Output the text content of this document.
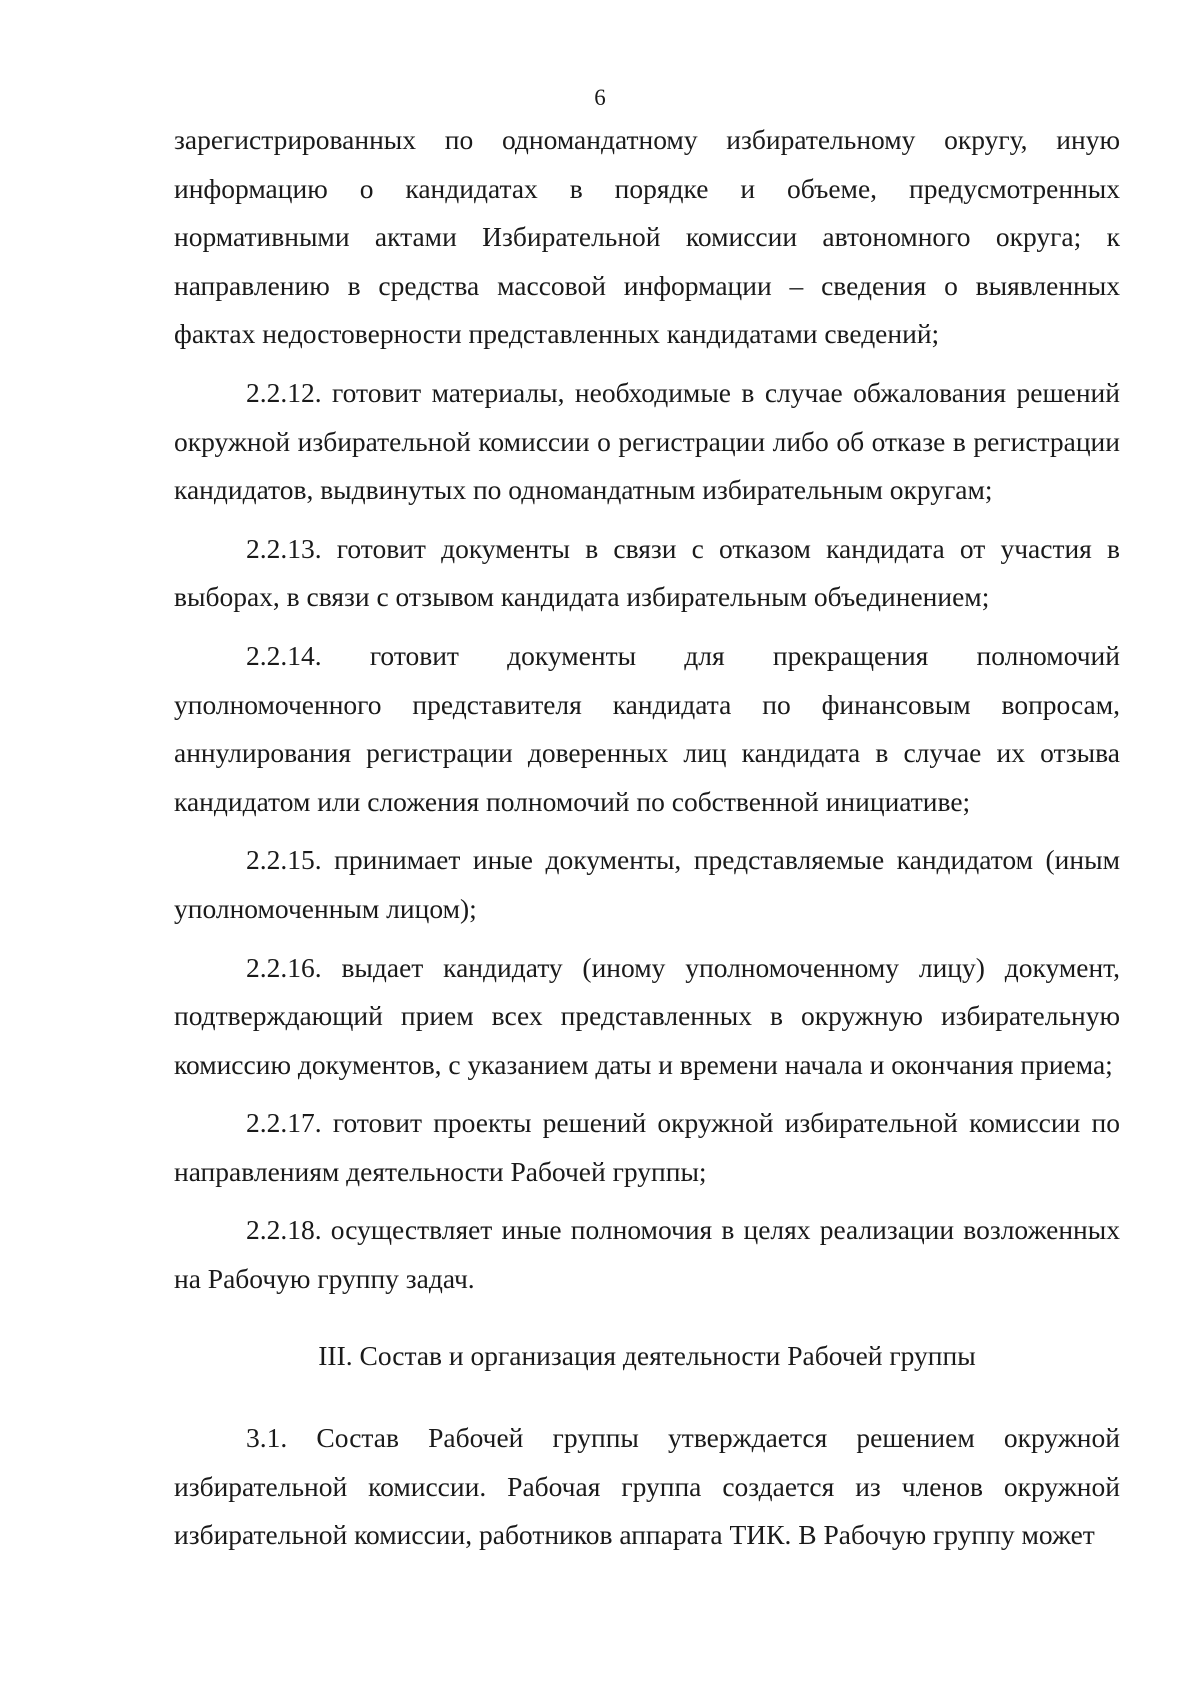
6

зарегистрированных по одномандатному избирательному округу, иную информацию о кандидатах в порядке и объеме, предусмотренных нормативными актами Избирательной комиссии автономного округа; к направлению в средства массовой информации – сведения о выявленных фактах недостоверности представленных кандидатами сведений;

2.2.12. готовит материалы, необходимые в случае обжалования решений окружной избирательной комиссии о регистрации либо об отказе в регистрации кандидатов, выдвинутых по одномандатным избирательным округам;

2.2.13. готовит документы в связи с отказом кандидата от участия в выборах, в связи с отзывом кандидата избирательным объединением;

2.2.14. готовит документы для прекращения полномочий уполномоченного представителя кандидата по финансовым вопросам, аннулирования регистрации доверенных лиц кандидата в случае их отзыва кандидатом или сложения полномочий по собственной инициативе;

2.2.15. принимает иные документы, представляемые кандидатом (иным уполномоченным лицом);

2.2.16. выдает кандидату (иному уполномоченному лицу) документ, подтверждающий прием всех представленных в окружную избирательную комиссию документов, с указанием даты и времени начала и окончания приема;

2.2.17. готовит проекты решений окружной избирательной комиссии по направлениям деятельности Рабочей группы;

2.2.18. осуществляет иные полномочия в целях реализации возложенных на Рабочую группу задач.

III. Состав и организация деятельности Рабочей группы

3.1. Состав Рабочей группы утверждается решением окружной избирательной комиссии. Рабочая группа создается из членов окружной избирательной комиссии, работников аппарата ТИК. В Рабочую группу может
